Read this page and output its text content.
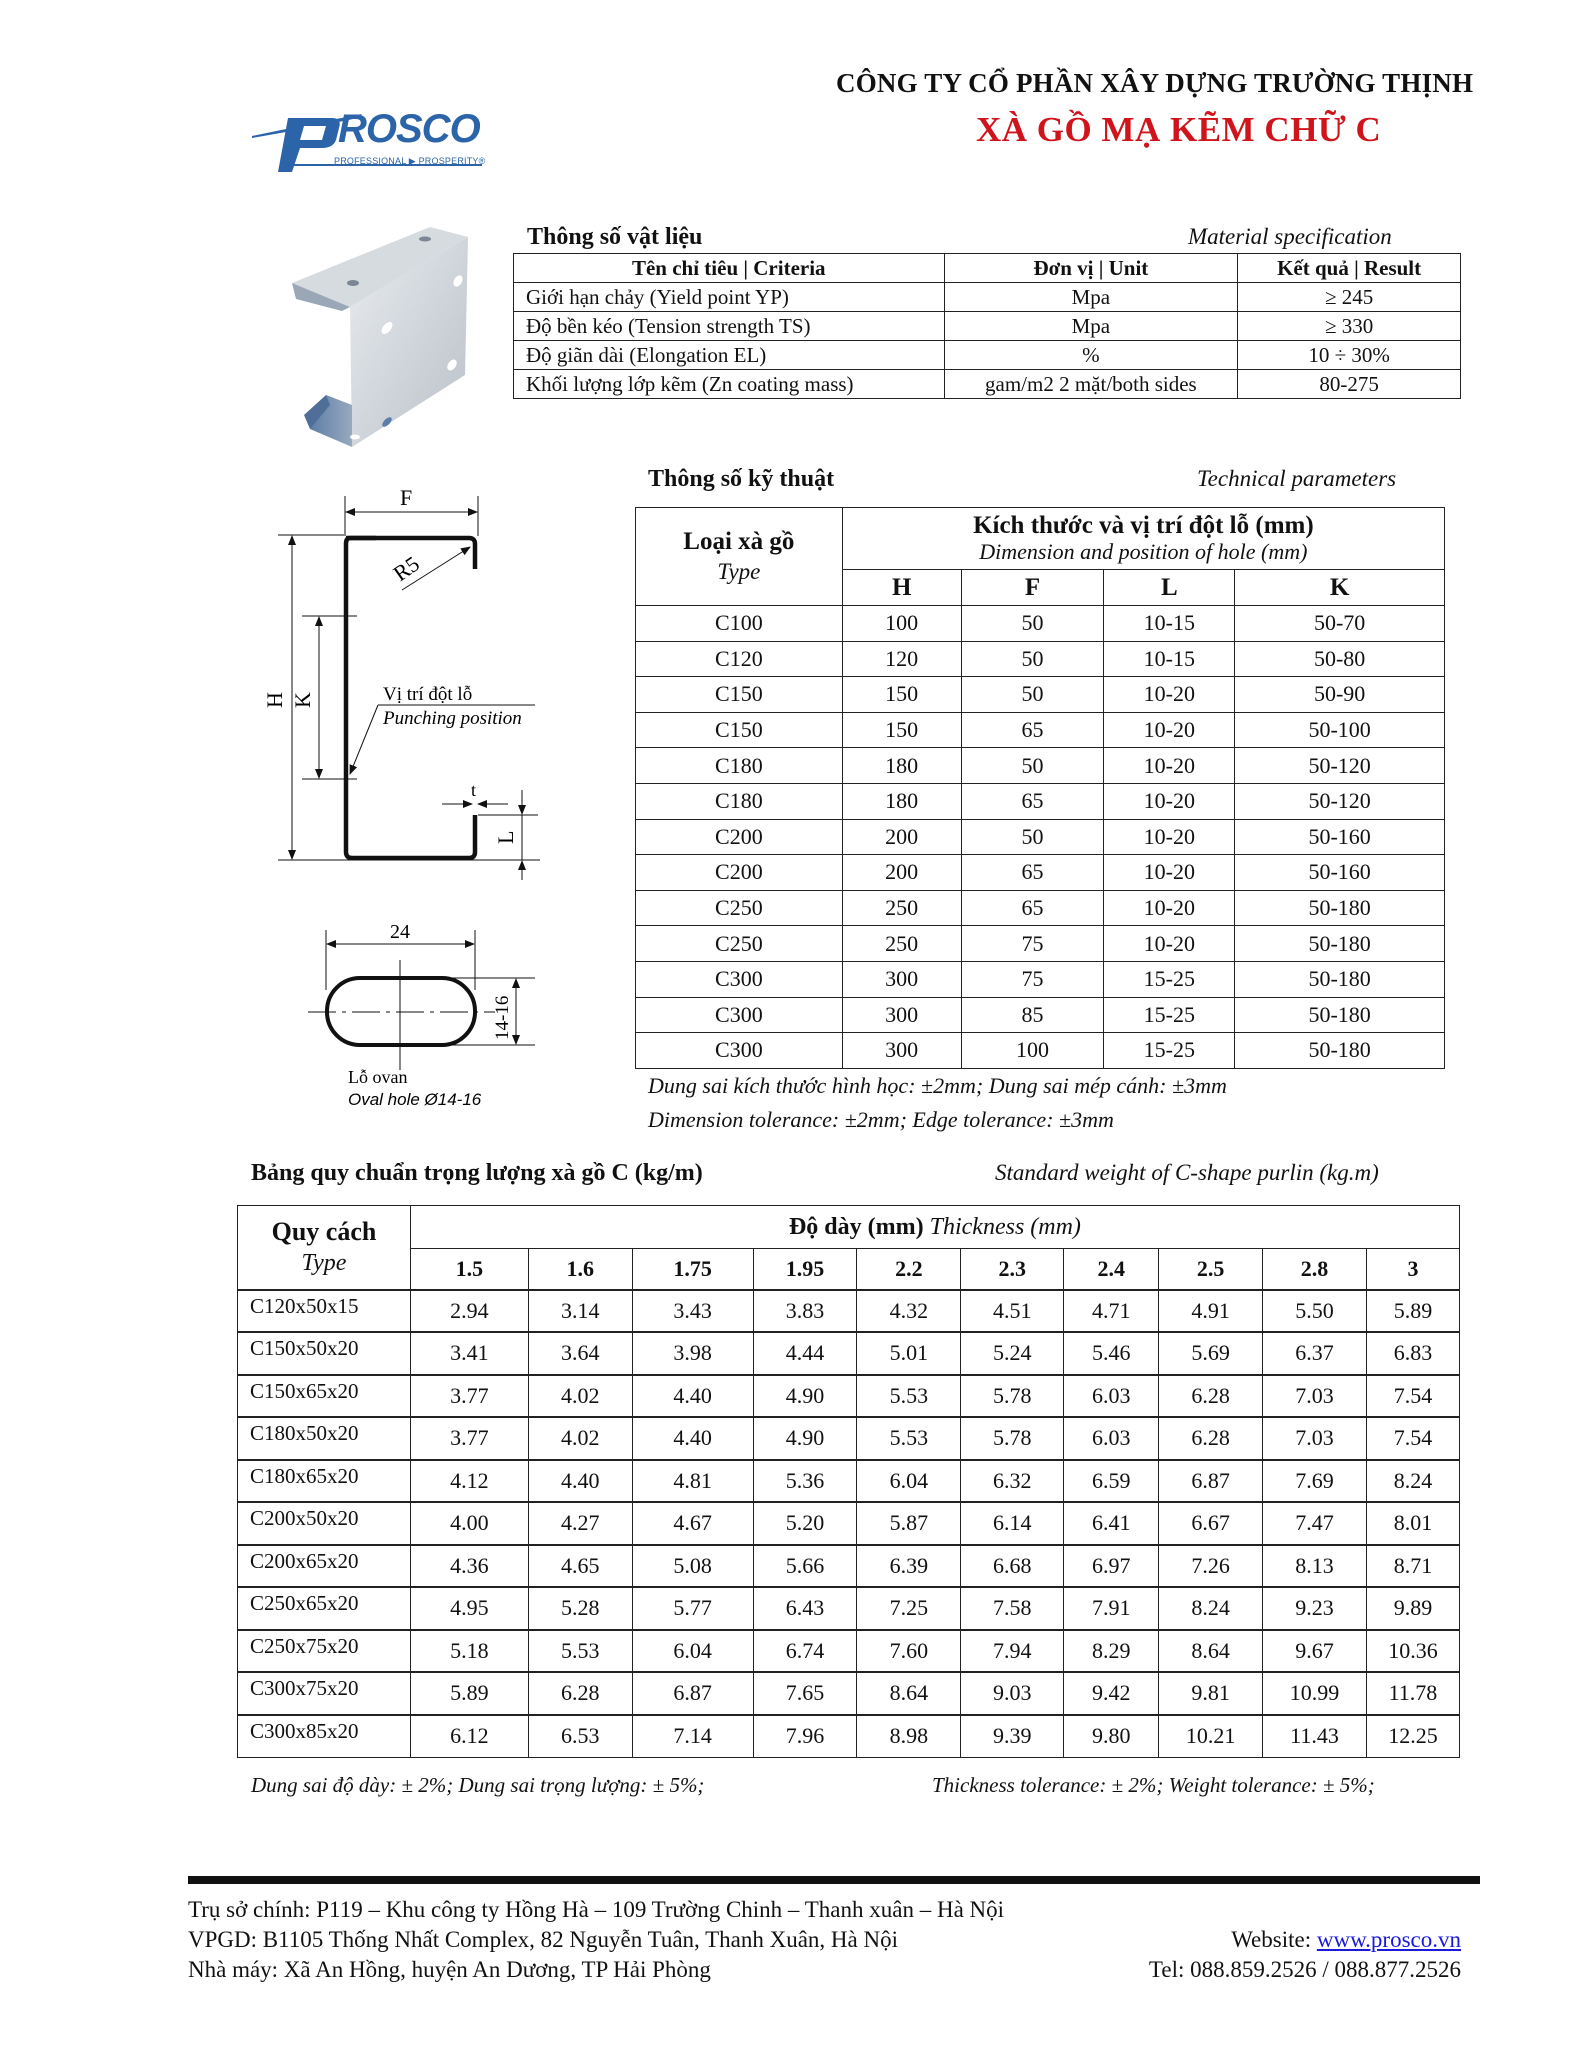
ROSCO
PROFESSIONAL ▶ PROSPERITY®
CÔNG TY CỔ PHẦN XÂY DỰNG TRƯỜNG THỊNH
XÀ GỒ MẠ KẼM CHỮ C
Thông số vật liệu	Material specification
Tên chỉ tiêu | Criteria	Đơn vị | Unit	Kết quả | Result
Giới hạn chảy (Yield point YP)	Mpa	≥ 245
Độ bền kéo (Tension strength TS)	Mpa	≥ 330
Độ giãn dài (Elongation EL)	%	10 ÷ 30%
Khối lượng lớp kẽm (Zn coating mass)	gam/m2 2 mặt/both sides	80-275
F
R5
H K	Vị trí đột lỗ
Punching position
t
L
24
14-16
Lỗ ovan
Oval hole Ø14-16
Thông số kỹ thuật	Technical parameters
Loại xà gồ
Type	Kích thước và vị trí đột lỗ (mm)
Dimension and position of hole (mm)			
	H	F	L	K
C100	100	50	10-15	50-70
C120	120	50	10-15	50-80
C150	150	50	10-20	50-90
C150	150	65	10-20	50-100
C180	180	50	10-20	50-120
C180	180	65	10-20	50-120
C200	200	50	10-20	50-160
C200	200	65	10-20	50-160
C250	250	65	10-20	50-180
C250	250	75	10-20	50-180
C300	300	75	15-25	50-180
C300	300	85	15-25	50-180
C300	300	100	15-25	50-180
Dung sai kích thước hình học: ±2mm; Dung sai mép cánh: ±3mm
Dimension tolerance: ±2mm; Edge tolerance: ±3mm
Bảng quy chuẩn trọng lượng xà gồ C (kg/m)	Standard weight of C-shape purlin (kg.m)
Quy cách
Type	Độ dày (mm) Thickness (mm)									
	1.5	1.6	1.75	1.95	2.2	2.3	2.4	2.5	2.8	3
C120x50x15	2.94	3.14	3.43	3.83	4.32	4.51	4.71	4.91	5.50	5.89
C150x50x20	3.41	3.64	3.98	4.44	5.01	5.24	5.46	5.69	6.37	6.83
C150x65x20	3.77	4.02	4.40	4.90	5.53	5.78	6.03	6.28	7.03	7.54
C180x50x20	3.77	4.02	4.40	4.90	5.53	5.78	6.03	6.28	7.03	7.54
C180x65x20	4.12	4.40	4.81	5.36	6.04	6.32	6.59	6.87	7.69	8.24
C200x50x20	4.00	4.27	4.67	5.20	5.87	6.14	6.41	6.67	7.47	8.01
C200x65x20	4.36	4.65	5.08	5.66	6.39	6.68	6.97	7.26	8.13	8.71
C250x65x20	4.95	5.28	5.77	6.43	7.25	7.58	7.91	8.24	9.23	9.89
C250x75x20	5.18	5.53	6.04	6.74	7.60	7.94	8.29	8.64	9.67	10.36
C300x75x20	5.89	6.28	6.87	7.65	8.64	9.03	9.42	9.81	10.99	11.78
C300x85x20	6.12	6.53	7.14	7.96	8.98	9.39	9.80	10.21	11.43	12.25
Dung sai độ dày: ± 2%; Dung sai trọng lượng: ± 5%;	Thickness tolerance: ± 2%; Weight tolerance: ± 5%;
Trụ sở chính: P119 – Khu công ty Hồng Hà – 109 Trường Chinh – Thanh xuân – Hà Nội
VPGD: B1105 Thống Nhất Complex, 82 Nguyễn Tuân, Thanh Xuân, Hà Nội
Nhà máy: Xã An Hồng, huyện An Dương, TP Hải Phòng
Website: www.prosco.vn
Tel: 088.859.2526 / 088.877.2526
